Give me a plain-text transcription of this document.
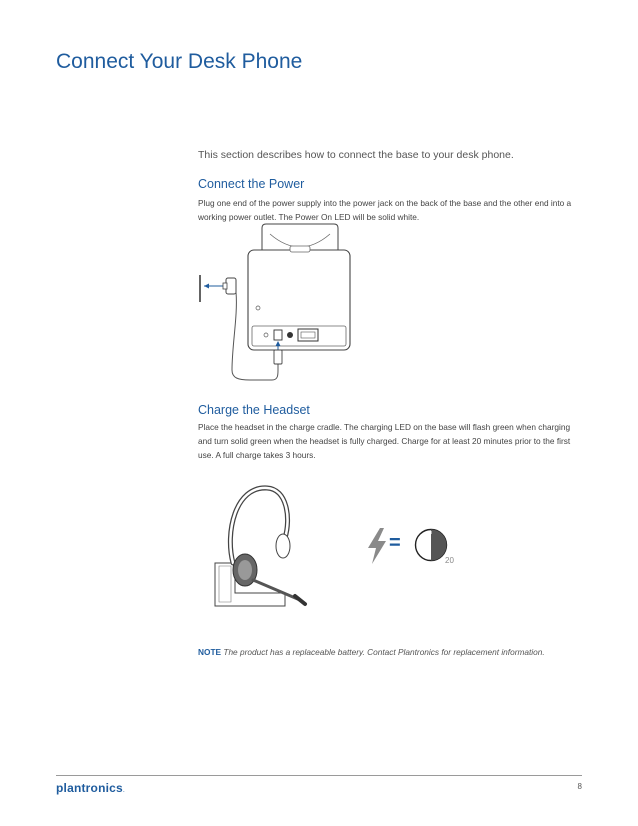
Connect Your Desk Phone
This section describes how to connect the base to your desk phone.
Connect the Power
Plug one end of the power supply into the power jack on the back of the base and the other end into a working power outlet. The Power On LED will be solid white.
Charge the Headset
Place the headset in the charge cradle. The charging LED on the base will flash green when charging and turn solid green when the headset is fully charged. Charge for at least 20 minutes prior to the first use. A full charge takes 3 hours.
=
20
NOTE The product has a replaceable battery. Contact Plantronics for replacement information.
plantronics.	8
